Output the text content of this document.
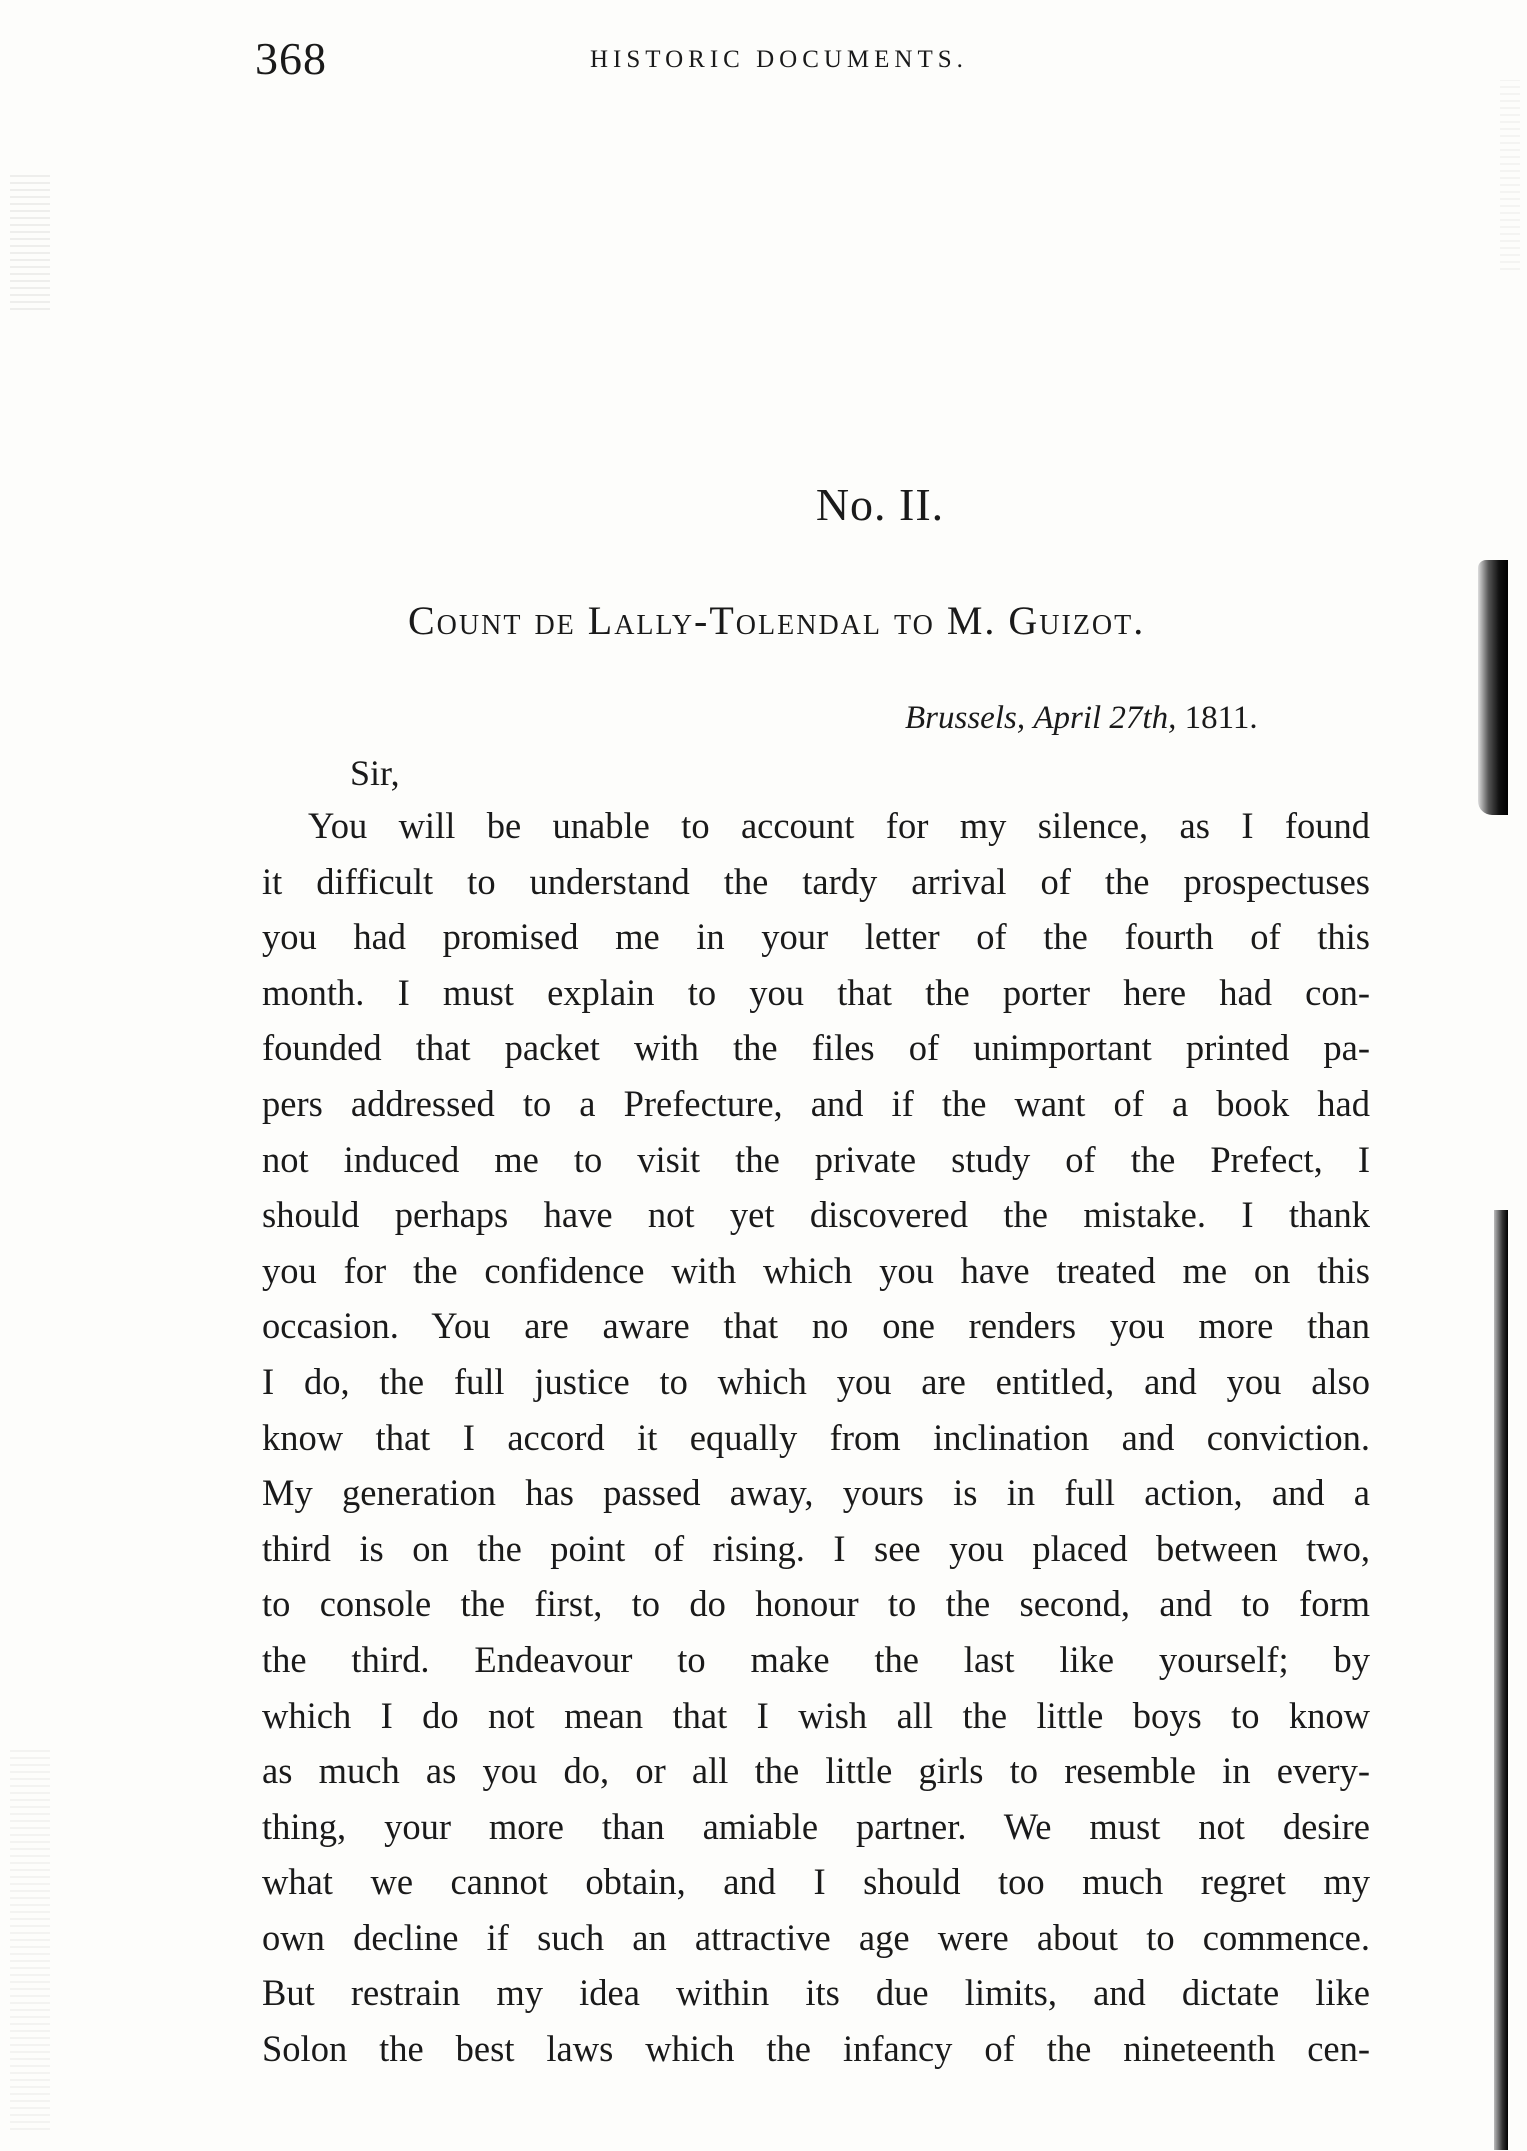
368	HISTORIC DOCUMENTS.
No. II.
Count de Lally-Tolendal to M. Guizot.
Brussels, April 27th, 1811.
Sir,
You will be unable to account for my silence, as I found
it difficult to understand the tardy arrival of the prospectuses
you had promised me in your letter of the fourth of this
month. I must explain to you that the porter here had con-
founded that packet with the files of unimportant printed pa-
pers addressed to a Prefecture, and if the want of a book had
not induced me to visit the private study of the Prefect, I
should perhaps have not yet discovered the mistake. I thank
you for the confidence with which you have treated me on this
occasion. You are aware that no one renders you more than
I do, the full justice to which you are entitled, and you also
know that I accord it equally from inclination and conviction.
My generation has passed away, yours is in full action, and a
third is on the point of rising. I see you placed between two,
to console the first, to do honour to the second, and to form
the third. Endeavour to make the last like yourself; by
which I do not mean that I wish all the little boys to know
as much as you do, or all the little girls to resemble in every-
thing, your more than amiable partner. We must not desire
what we cannot obtain, and I should too much regret my
own decline if such an attractive age were about to commence.
But restrain my idea within its due limits, and dictate like
Solon the best laws which the infancy of the nineteenth cen-
